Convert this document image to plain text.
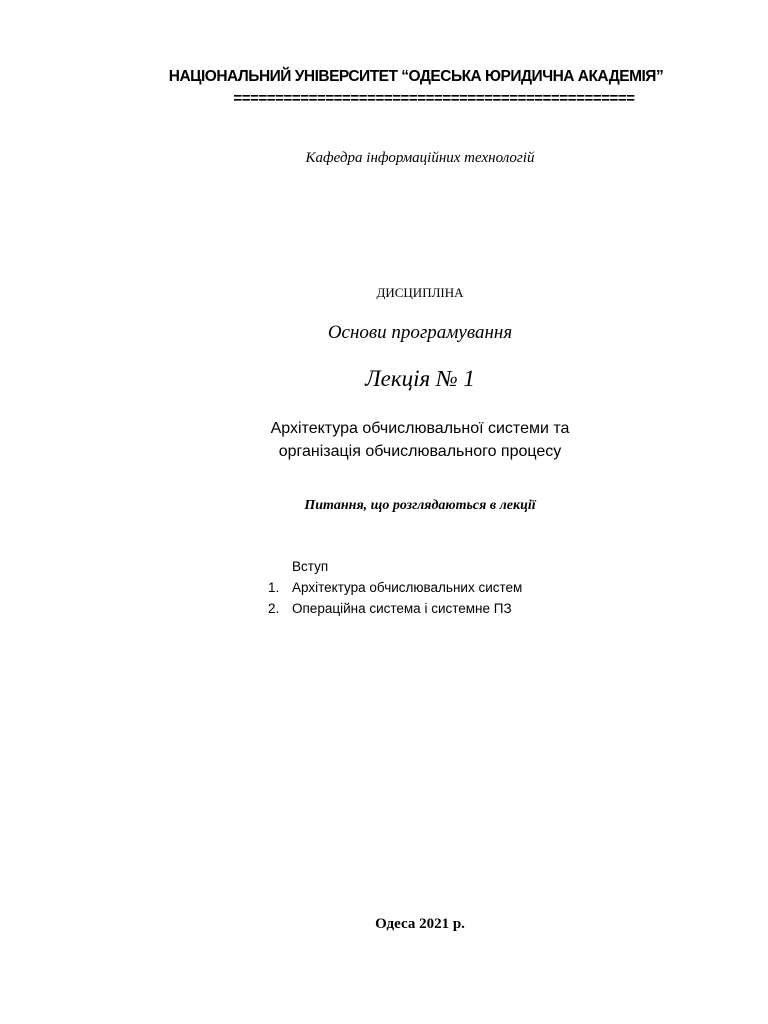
НАЦІОНАЛЬНИЙ УНІВЕРСИТЕТ “ОДЕСЬКА ЮРИДИЧНА АКАДЕМІЯ”
================================================
Кафедра інформаційних технологій
ДИСЦИПЛІНА
Основи програмування
Лекція № 1
Архітектура обчислювальної системи та
організація обчислювального процесу
Питання, що розглядаються в лекції
Вступ
1. Архітектура обчислювальних систем
2. Операційна система і системне ПЗ
Одеса 2021 р.
